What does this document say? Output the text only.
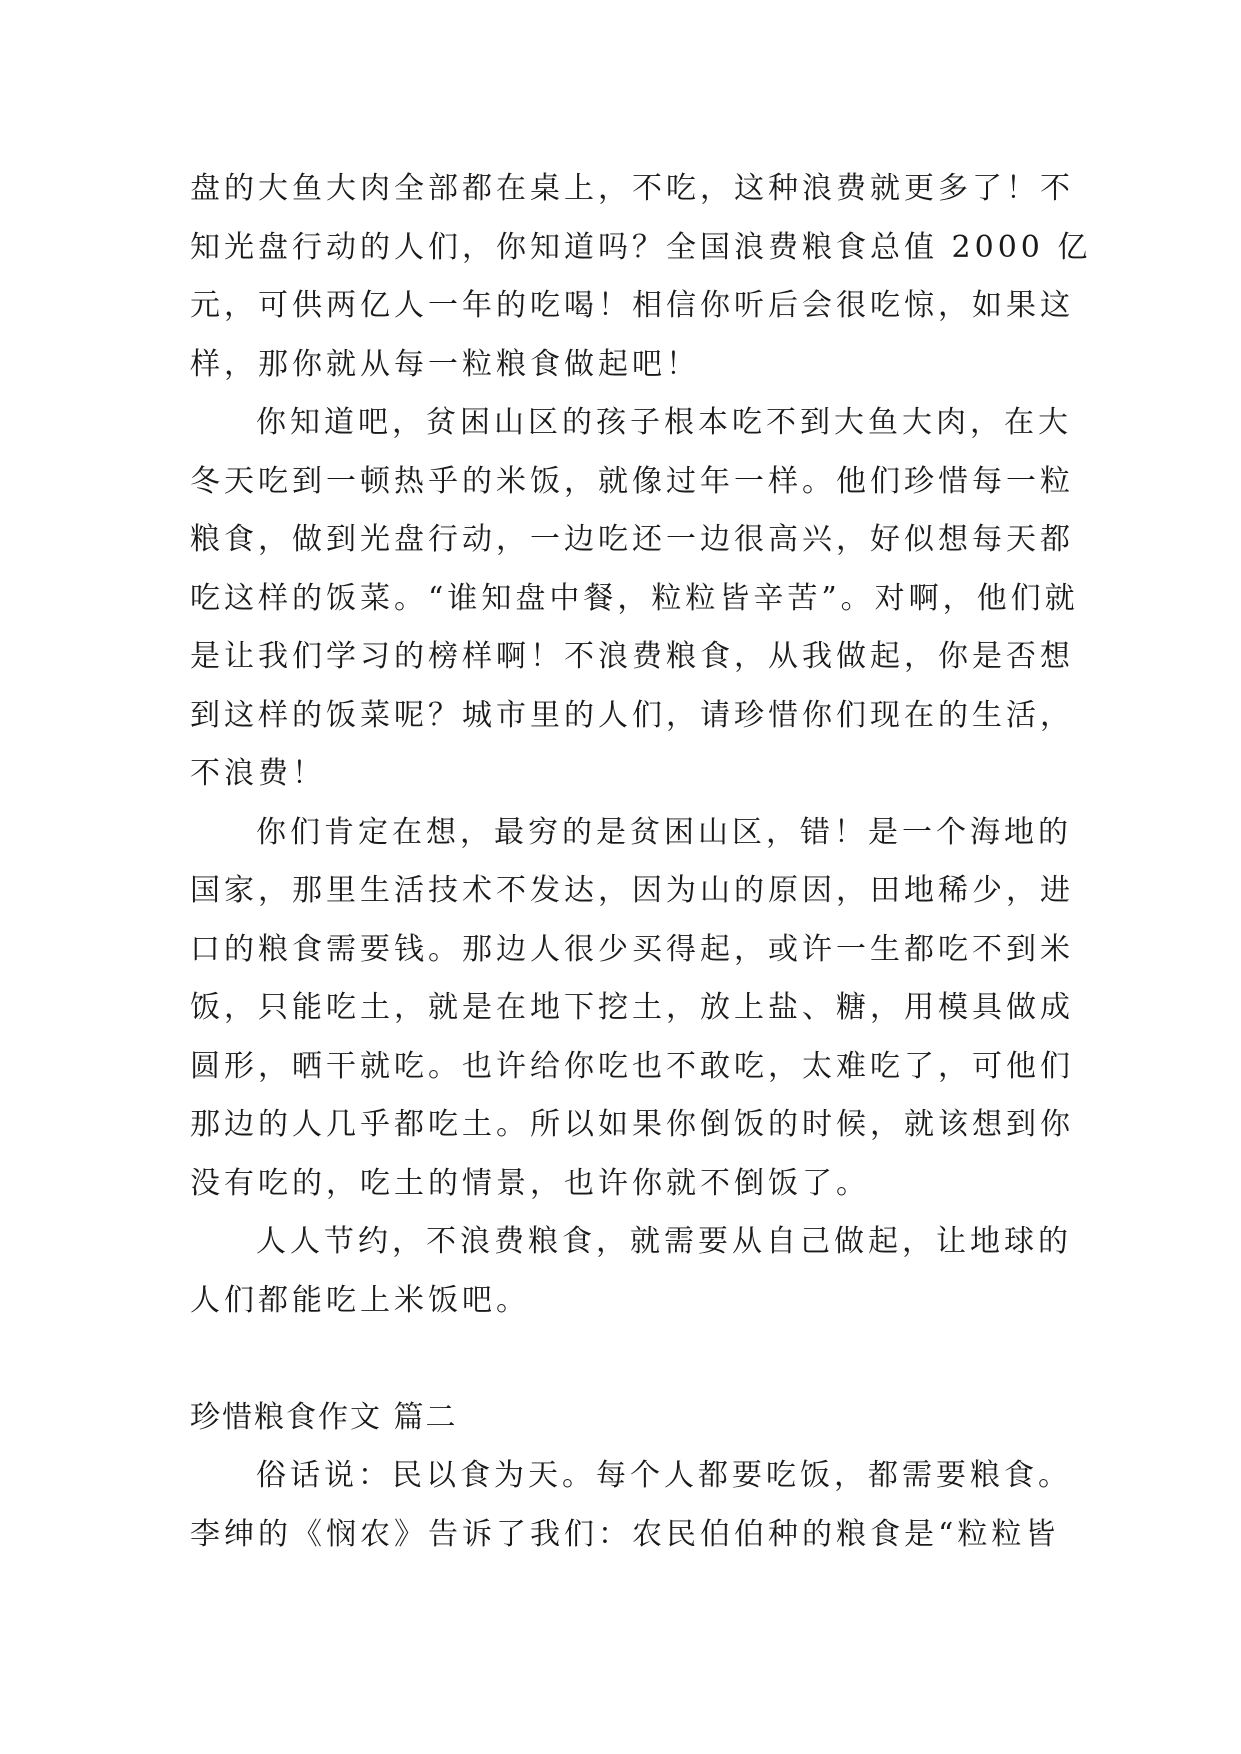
盘的大鱼大肉全部都在桌上，不吃，这种浪费就更多了！不
知光盘行动的人们，你知道吗？全国浪费粮食总值 2000 亿
元，可供两亿人一年的吃喝！相信你听后会很吃惊，如果这
样，那你就从每一粒粮食做起吧！
你知道吧，贫困山区的孩子根本吃不到大鱼大肉，在大
冬天吃到一顿热乎的米饭，就像过年一样。他们珍惜每一粒
粮食，做到光盘行动，一边吃还一边很高兴，好似想每天都
吃这样的饭菜。“谁知盘中餐，粒粒皆辛苦”。对啊，他们就
是让我们学习的榜样啊！不浪费粮食，从我做起，你是否想
到这样的饭菜呢？城市里的人们，请珍惜你们现在的生活，
不浪费！
你们肯定在想，最穷的是贫困山区，错！是一个海地的
国家，那里生活技术不发达，因为山的原因，田地稀少，进
口的粮食需要钱。那边人很少买得起，或许一生都吃不到米
饭，只能吃土，就是在地下挖土，放上盐、糖，用模具做成
圆形，晒干就吃。也许给你吃也不敢吃，太难吃了，可他们
那边的人几乎都吃土。所以如果你倒饭的时候，就该想到你
没有吃的，吃土的情景，也许你就不倒饭了。
人人节约，不浪费粮食，就需要从自己做起，让地球的
人们都能吃上米饭吧。
珍惜粮食作文 篇二
俗话说：民以食为天。每个人都要吃饭，都需要粮食。
李绅的《悯农》告诉了我们：农民伯伯种的粮食是“粒粒皆
